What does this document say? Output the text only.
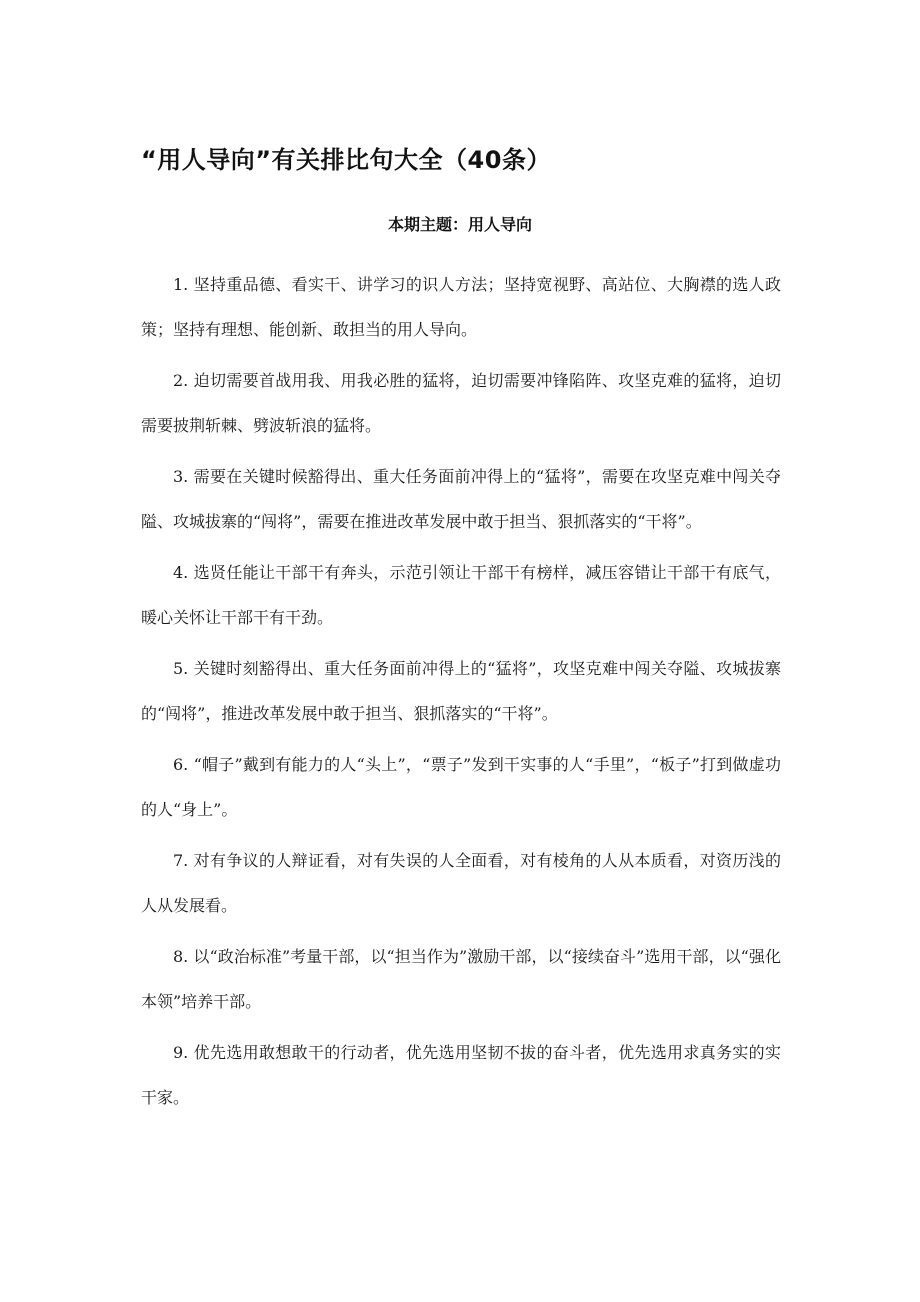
“用人导向”有关排比句大全（40条）
本期主题：用人导向

1. 坚持重品德、看实干、讲学习的识人方法；坚持宽视野、高站位、大胸襟的选人政策；坚持有理想、能创新、敢担当的用人导向。

2. 迫切需要首战用我、用我必胜的猛将，迫切需要冲锋陷阵、攻坚克难的猛将，迫切需要披荆斩棘、劈波斩浪的猛将。

3. 需要在关键时候豁得出、重大任务面前冲得上的“猛将”，需要在攻坚克难中闯关夺隘、攻城拔寨的“闯将”，需要在推进改革发展中敢于担当、狠抓落实的“干将”。

4. 选贤任能让干部干有奔头，示范引领让干部干有榜样，减压容错让干部干有底气，暖心关怀让干部干有干劲。

5. 关键时刻豁得出、重大任务面前冲得上的“猛将”，攻坚克难中闯关夺隘、攻城拔寨的“闯将”，推进改革发展中敢于担当、狠抓落实的“干将”。

6. “帽子”戴到有能力的人“头上”，“票子”发到干实事的人“手里”，“板子”打到做虚功的人“身上”。

7. 对有争议的人辩证看，对有失误的人全面看，对有棱角的人从本质看，对资历浅的人从发展看。

8. 以“政治标准”考量干部，以“担当作为”激励干部，以“接续奋斗”选用干部，以“强化本领”培养干部。

9. 优先选用敢想敢干的行动者，优先选用坚韧不拔的奋斗者，优先选用求真务实的实干家。
